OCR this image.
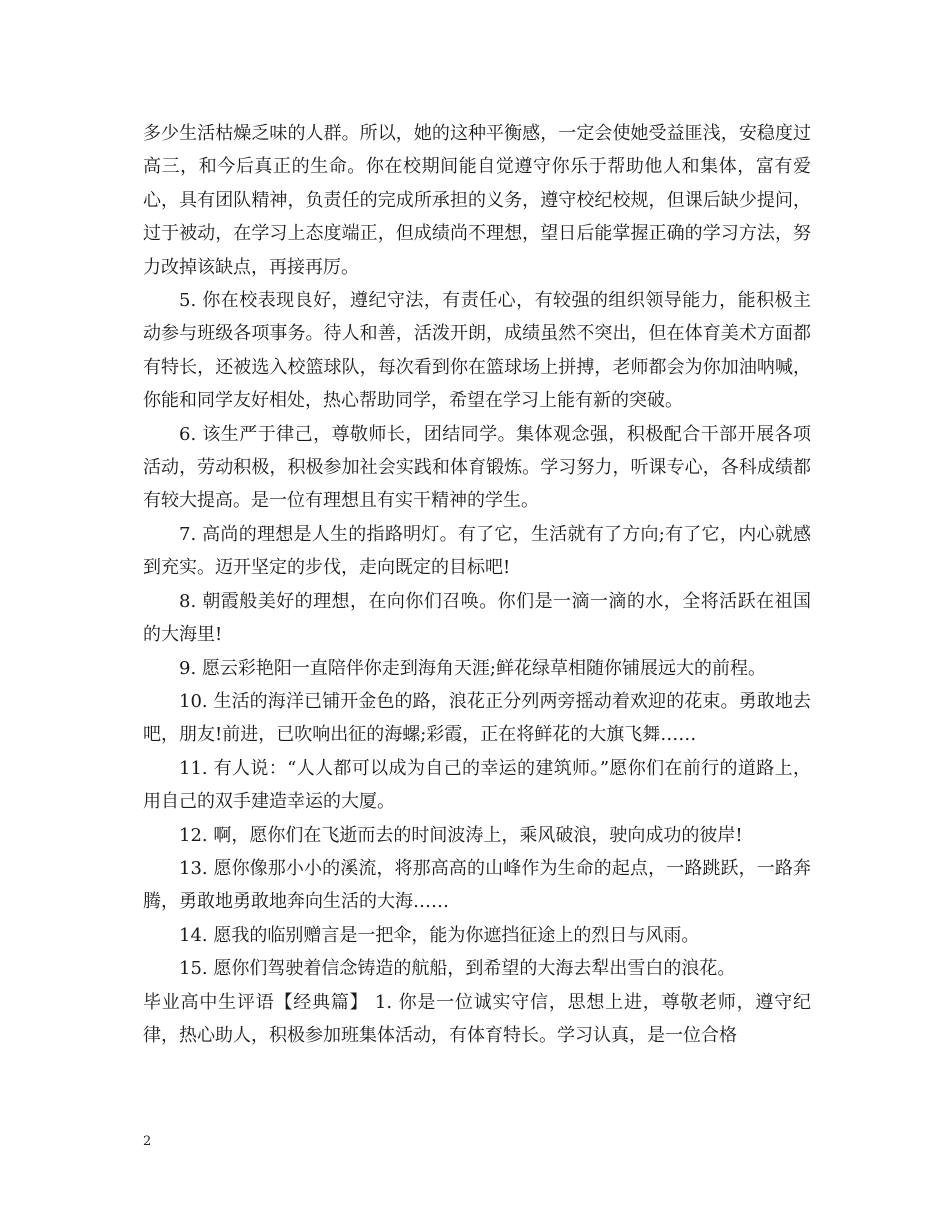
多少生活枯燥乏味的人群。所以，她的这种平衡感，一定会使她受益匪浅，安稳度过高三，和今后真正的生命。你在校期间能自觉遵守你乐于帮助他人和集体，富有爱心，具有团队精神，负责任的完成所承担的义务，遵守校纪校规，但课后缺少提问，过于被动，在学习上态度端正，但成绩尚不理想，望日后能掌握正确的学习方法，努力改掉该缺点，再接再厉。

5. 你在校表现良好，遵纪守法，有责任心，有较强的组织领导能力，能积极主动参与班级各项事务。待人和善，活泼开朗，成绩虽然不突出，但在体育美术方面都有特长，还被选入校篮球队，每次看到你在篮球场上拼搏，老师都会为你加油呐喊，你能和同学友好相处，热心帮助同学，希望在学习上能有新的突破。

6. 该生严于律己，尊敬师长，团结同学。集体观念强，积极配合干部开展各项活动，劳动积极，积极参加社会实践和体育锻炼。学习努力，听课专心，各科成绩都有较大提高。是一位有理想且有实干精神的学生。

7. 高尚的理想是人生的指路明灯。有了它，生活就有了方向;有了它，内心就感到充实。迈开坚定的步伐，走向既定的目标吧!

8. 朝霞般美好的理想，在向你们召唤。你们是一滴一滴的水，全将活跃在祖国的大海里!

9. 愿云彩艳阳一直陪伴你走到海角天涯;鲜花绿草相随你铺展远大的前程。

10. 生活的海洋已铺开金色的路，浪花正分列两旁摇动着欢迎的花束。勇敢地去吧，朋友!前进，已吹响出征的海螺;彩霞，正在将鲜花的大旗飞舞……

11. 有人说：“人人都可以成为自己的幸运的建筑师。”愿你们在前行的道路上，用自己的双手建造幸运的大厦。

12. 啊，愿你们在飞逝而去的时间波涛上，乘风破浪，驶向成功的彼岸!

13. 愿你像那小小的溪流，将那高高的山峰作为生命的起点，一路跳跃，一路奔腾，勇敢地勇敢地奔向生活的大海……

14. 愿我的临别赠言是一把伞，能为你遮挡征途上的烈日与风雨。

15. 愿你们驾驶着信念铸造的航船，到希望的大海去犁出雪白的浪花。

毕业高中生评语【经典篇】 1. 你是一位诚实守信，思想上进，尊敬老师，遵守纪律，热心助人，积极参加班集体活动，有体育特长。学习认真，是一位合格

2
